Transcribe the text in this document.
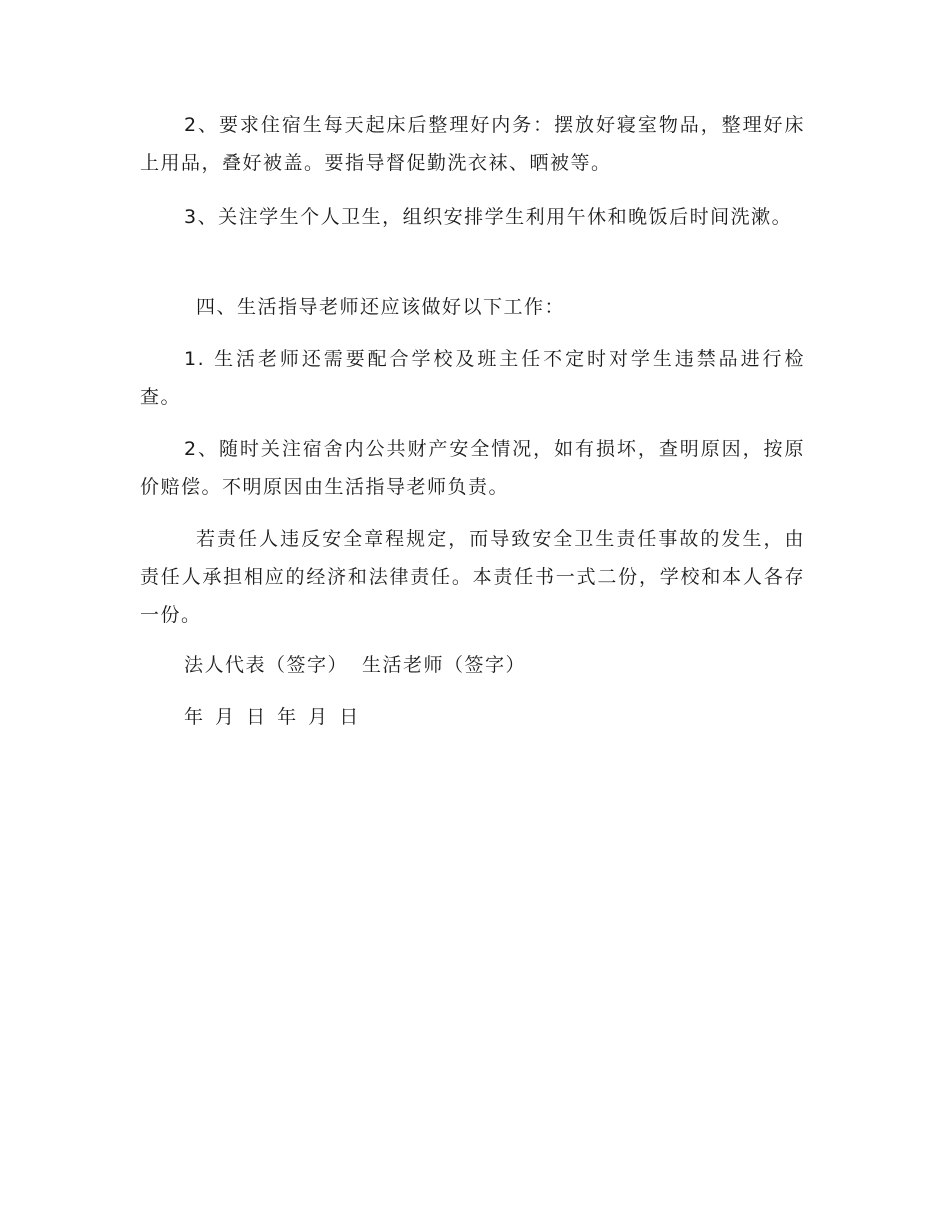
2、要求住宿生每天起床后整理好内务：摆放好寝室物品，整理好床上用品，叠好被盖。要指导督促勤洗衣袜、晒被等。

3、关注学生个人卫生，组织安排学生利用午休和晚饭后时间洗漱。

四、生活指导老师还应该做好以下工作：

1. 生活老师还需要配合学校及班主任不定时对学生违禁品进行检查。

2、随时关注宿舍内公共财产安全情况，如有损坏，查明原因，按原价赔偿。不明原因由生活指导老师负责。

若责任人违反安全章程规定，而导致安全卫生责任事故的发生，由责任人承担相应的经济和法律责任。本责任书一式二份，学校和本人各存一份。

法人代表（签字） 生活老师（签字）

年 月 日 年 月 日
